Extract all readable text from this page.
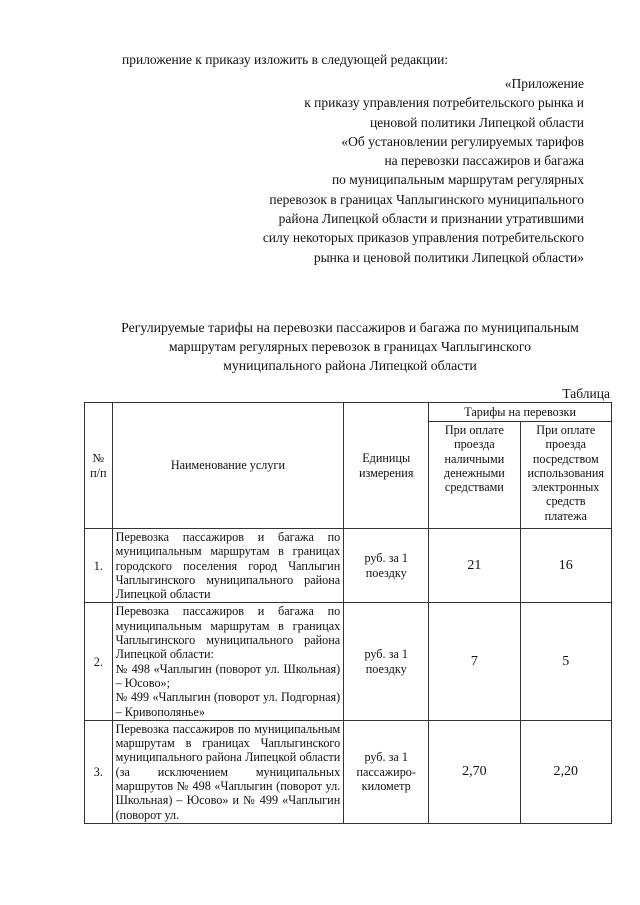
приложение к приказу изложить в следующей редакции:

«Приложение
к приказу управления потребительского рынка и
ценовой политики Липецкой области
«Об установлении регулируемых тарифов
на перевозки пассажиров и багажа
по муниципальным маршрутам регулярных
перевозок в границах Чаплыгинского муниципального
района Липецкой области и признании утратившими
силу некоторых приказов управления потребительского
рынка и ценовой политики Липецкой области»
Регулируемые тарифы на перевозки пассажиров и багажа по муниципальным
маршрутам регулярных перевозок в границах Чаплыгинского
муниципального района Липецкой области
Таблица
№ п/п	Наименование услуги	Единицы измерения	Тарифы на перевозки	
			При оплате проезда наличными денежными средствами	При оплате проезда посредством использования электронных средств платежа
1.	Перевозка пассажиров и багажа по муниципальным маршрутам в границах городского поселения город Чаплыгин Чаплыгинского муниципального района Липецкой области	руб. за 1 поездку	21	16
2.	Перевозка пассажиров и багажа по муниципальным маршрутам в границах Чаплыгинского муниципального района Липецкой области:
№ 498 «Чаплыгин (поворот ул. Школьная) – Юсово»;
№ 499 «Чаплыгин (поворот ул. Подгорная) – Кривополянье»	руб. за 1 поездку	7	5
3.	Перевозка пассажиров по муниципальным маршрутам в границах Чаплыгинского муниципального района Липецкой области (за исключением муниципальных маршрутов № 498 «Чаплыгин (поворот ул. Школьная) – Юсово» и № 499 «Чаплыгин (поворот ул.	руб. за 1 пассажиро-километр	2,70	2,20
